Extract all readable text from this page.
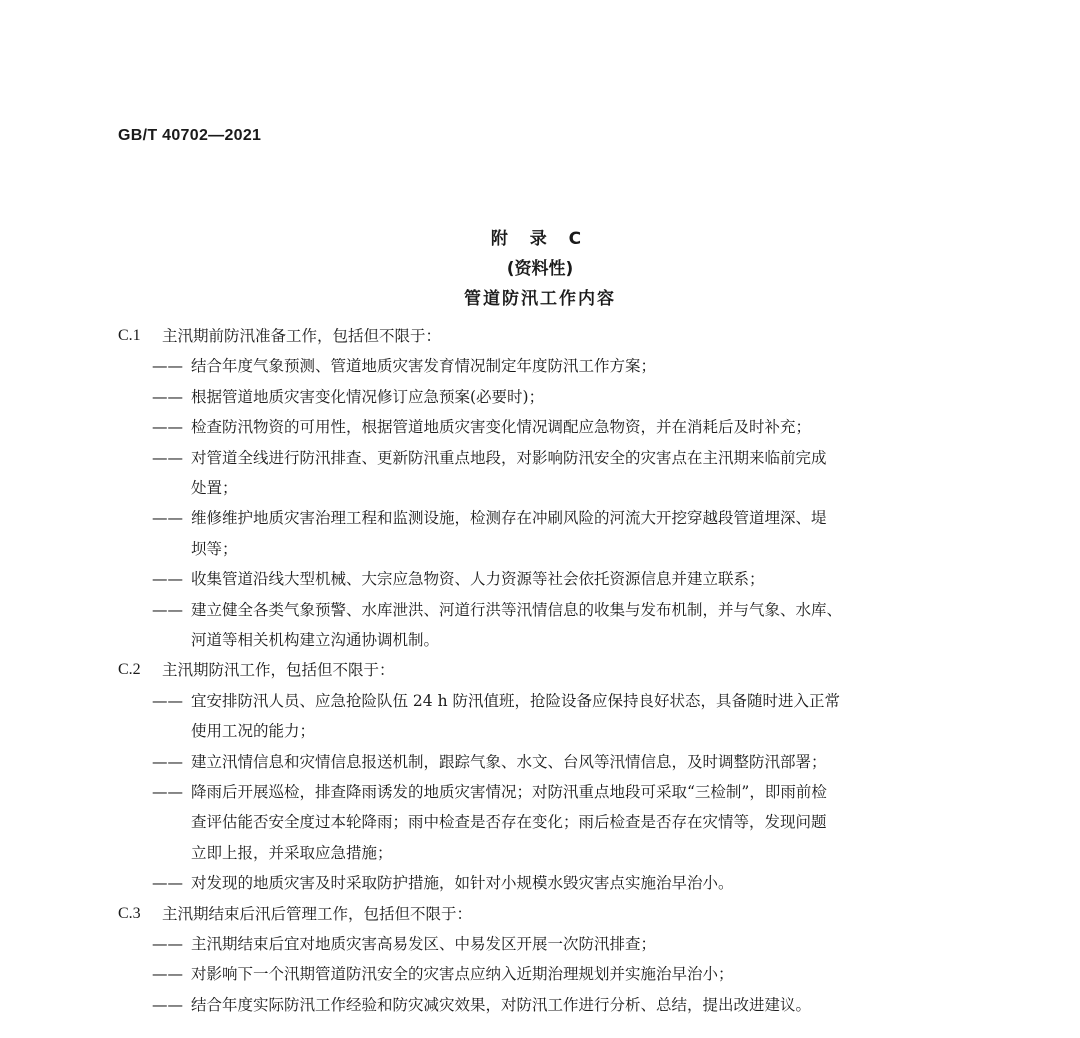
GB/T 40702—2021
附 录 C
(资料性)
管道防汛工作内容
C.1 主汛期前防汛准备工作，包括但不限于：
—— 结合年度气象预测、管道地质灾害发育情况制定年度防汛工作方案；
—— 根据管道地质灾害变化情况修订应急预案(必要时)；
—— 检查防汛物资的可用性，根据管道地质灾害变化情况调配应急物资，并在消耗后及时补充；
—— 对管道全线进行防汛排查、更新防汛重点地段，对影响防汛安全的灾害点在主汛期来临前完成
处置；
—— 维修维护地质灾害治理工程和监测设施，检测存在冲刷风险的河流大开挖穿越段管道埋深、堤
坝等；
—— 收集管道沿线大型机械、大宗应急物资、人力资源等社会依托资源信息并建立联系；
—— 建立健全各类气象预警、水库泄洪、河道行洪等汛情信息的收集与发布机制，并与气象、水库、
河道等相关机构建立沟通协调机制。
C.2 主汛期防汛工作，包括但不限于：
—— 宜安排防汛人员、应急抢险队伍 24 h 防汛值班，抢险设备应保持良好状态，具备随时进入正常
使用工况的能力；
—— 建立汛情信息和灾情信息报送机制，跟踪气象、水文、台风等汛情信息，及时调整防汛部署；
—— 降雨后开展巡检，排查降雨诱发的地质灾害情况；对防汛重点地段可采取“三检制”，即雨前检
查评估能否安全度过本轮降雨；雨中检查是否存在变化；雨后检查是否存在灾情等，发现问题
立即上报，并采取应急措施；
—— 对发现的地质灾害及时采取防护措施，如针对小规模水毁灾害点实施治早治小。
C.3 主汛期结束后汛后管理工作，包括但不限于：
—— 主汛期结束后宜对地质灾害高易发区、中易发区开展一次防汛排查；
—— 对影响下一个汛期管道防汛安全的灾害点应纳入近期治理规划并实施治早治小；
—— 结合年度实际防汛工作经验和防灾减灾效果，对防汛工作进行分析、总结，提出改进建议。
